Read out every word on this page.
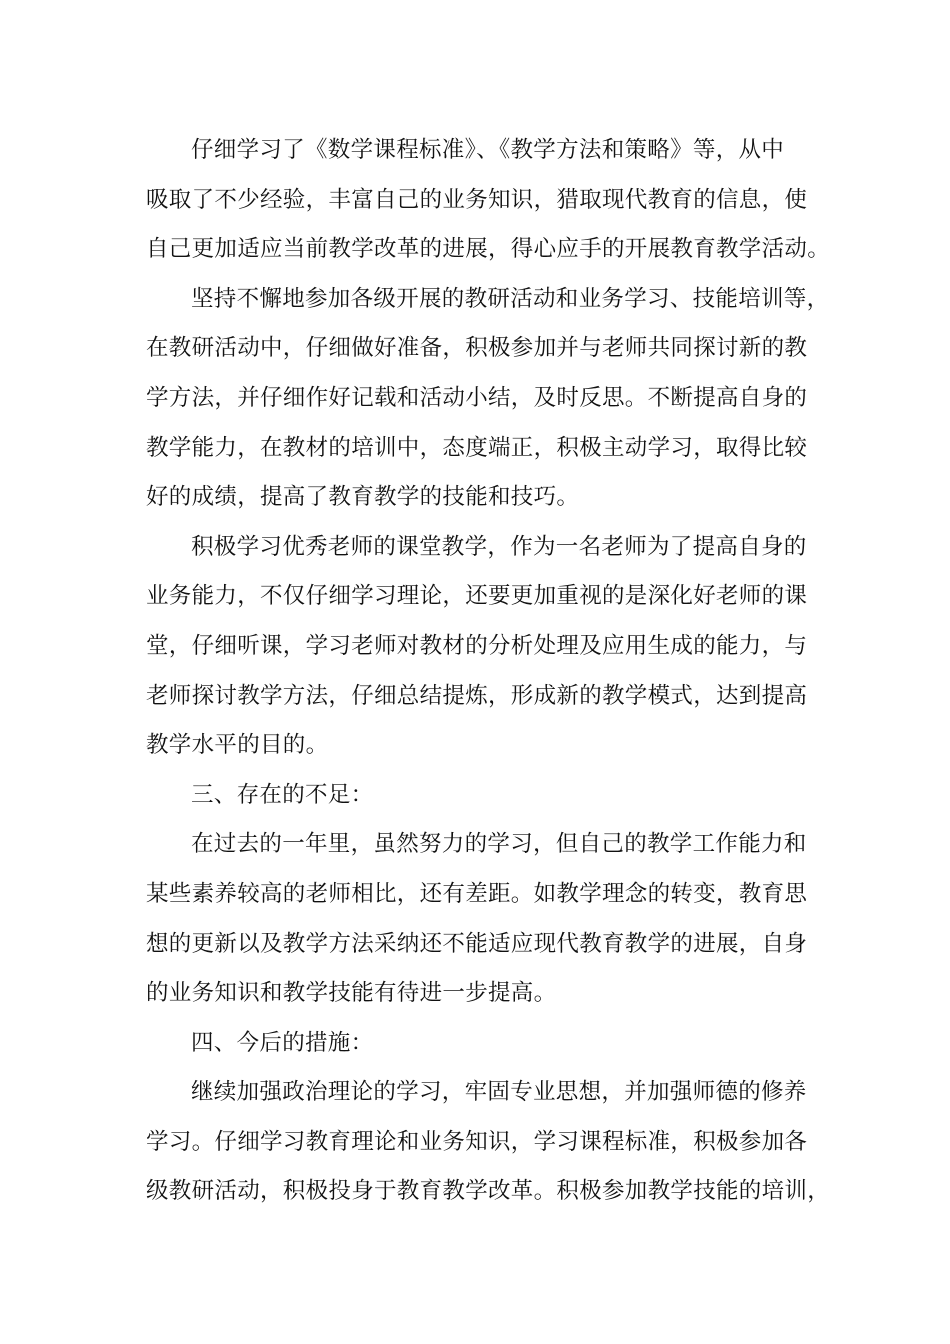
仔细学习了《数学课程标准》、《教学方法和策略》等，从中
吸取了不少经验，丰富自己的业务知识，猎取现代教育的信息，使
自己更加适应当前教学改革的进展，得心应手的开展教育教学活动。
坚持不懈地参加各级开展的教研活动和业务学习、技能培训等，
在教研活动中，仔细做好准备，积极参加并与老师共同探讨新的教
学方法，并仔细作好记载和活动小结，及时反思。不断提高自身的
教学能力，在教材的培训中，态度端正，积极主动学习，取得比较
好的成绩，提高了教育教学的技能和技巧。
积极学习优秀老师的课堂教学，作为一名老师为了提高自身的
业务能力，不仅仔细学习理论，还要更加重视的是深化好老师的课
堂，仔细听课，学习老师对教材的分析处理及应用生成的能力，与
老师探讨教学方法，仔细总结提炼，形成新的教学模式，达到提高
教学水平的目的。
三、存在的不足：
在过去的一年里，虽然努力的学习，但自己的教学工作能力和
某些素养较高的老师相比，还有差距。如教学理念的转变，教育思
想的更新以及教学方法采纳还不能适应现代教育教学的进展，自身
的业务知识和教学技能有待进一步提高。
四、今后的措施：
继续加强政治理论的学习，牢固专业思想，并加强师德的修养
学习。仔细学习教育理论和业务知识，学习课程标准，积极参加各
级教研活动，积极投身于教育教学改革。积极参加教学技能的培训，
